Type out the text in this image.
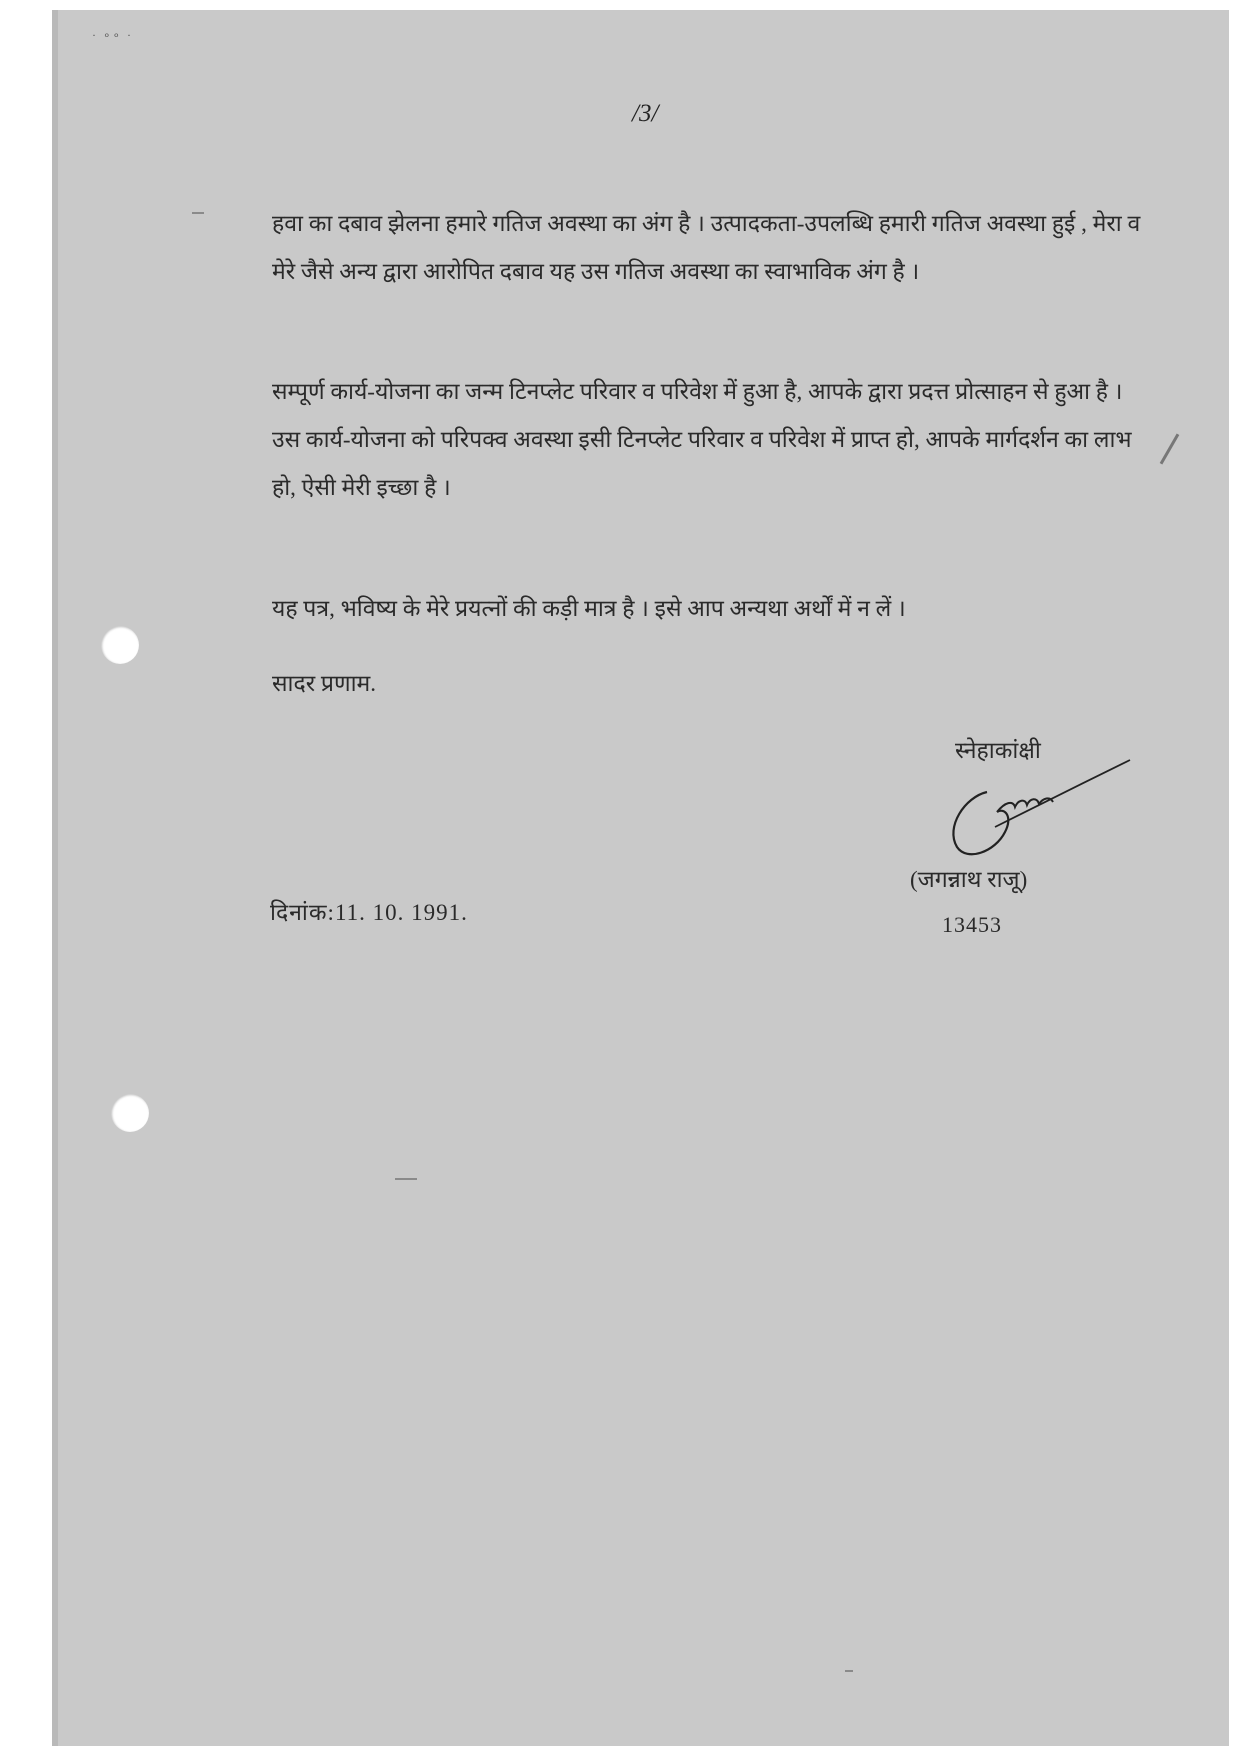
· ∘∘ ·
/3/

हवा का दबाव झेलना हमारे गतिज अवस्था का अंग है । उत्पादकता-उपलब्धि हमारी गतिज अवस्था हुई , मेरा व मेरे जैसे अन्य द्वारा आरोपित दबाव यह उस गतिज अवस्था का स्वाभाविक अंग है ।

सम्पूर्ण कार्य-योजना का जन्म टिनप्लेट परिवार व परिवेश में हुआ है, आपके द्वारा प्रदत्त प्रोत्साहन से हुआ है । उस कार्य-योजना को परिपक्व अवस्था इसी टिनप्लेट परिवार व परिवेश में प्राप्त हो, आपके मार्गदर्शन का लाभ हो, ऐसी मेरी इच्छा है ।

यह पत्र, भविष्य के मेरे प्रयत्नों की कड़ी मात्र है । इसे आप अन्यथा अर्थों में न लें ।

सादर प्रणाम.
स्नेहाकांक्षी
(जगन्नाथ राजू)
13453
दिनांक:11. 10. 1991.
